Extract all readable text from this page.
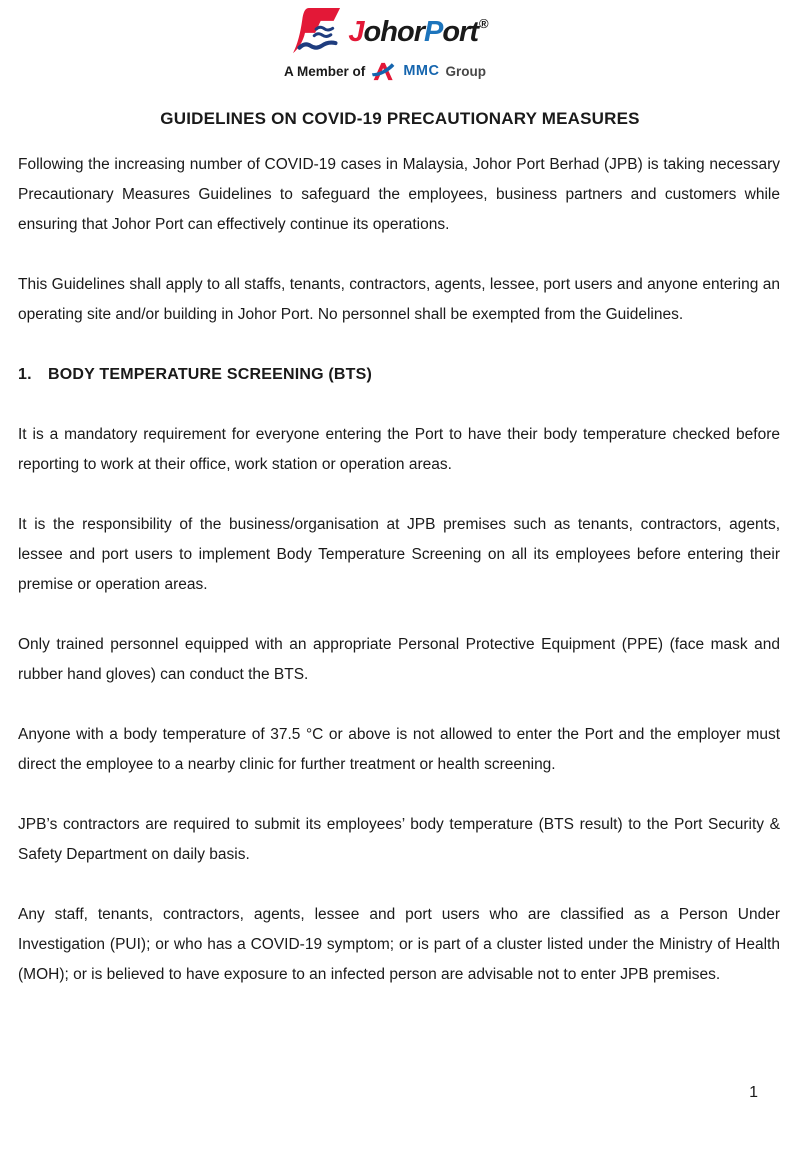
JohorPort®
A Member of	MMC Group
GUIDELINES ON COVID-19 PRECAUTIONARY MEASURES

Following the increasing number of COVID-19 cases in Malaysia, Johor Port Berhad (JPB) is taking necessary Precautionary Measures Guidelines to safeguard the employees, business partners and customers while ensuring that Johor Port can effectively continue its operations.

This Guidelines shall apply to all staffs, tenants, contractors, agents, lessee, port users and anyone entering an operating site and/or building in Johor Port. No personnel shall be exempted from the Guidelines.

1. BODY TEMPERATURE SCREENING (BTS)

It is a mandatory requirement for everyone entering the Port to have their body temperature checked before reporting to work at their office, work station or operation areas.

It is the responsibility of the business/organisation at JPB premises such as tenants, contractors, agents, lessee and port users to implement Body Temperature Screening on all its employees before entering their premise or operation areas.

Only trained personnel equipped with an appropriate Personal Protective Equipment (PPE) (face mask and rubber hand gloves) can conduct the BTS.

Anyone with a body temperature of 37.5 °C or above is not allowed to enter the Port and the employer must direct the employee to a nearby clinic for further treatment or health screening.

JPB’s contractors are required to submit its employees’ body temperature (BTS result) to the Port Security & Safety Department on daily basis.

Any staff, tenants, contractors, agents, lessee and port users who are classified as a Person Under Investigation (PUI); or who has a COVID-19 symptom; or is part of a cluster listed under the Ministry of Health (MOH); or is believed to have exposure to an infected person are advisable not to enter JPB premises.

1
